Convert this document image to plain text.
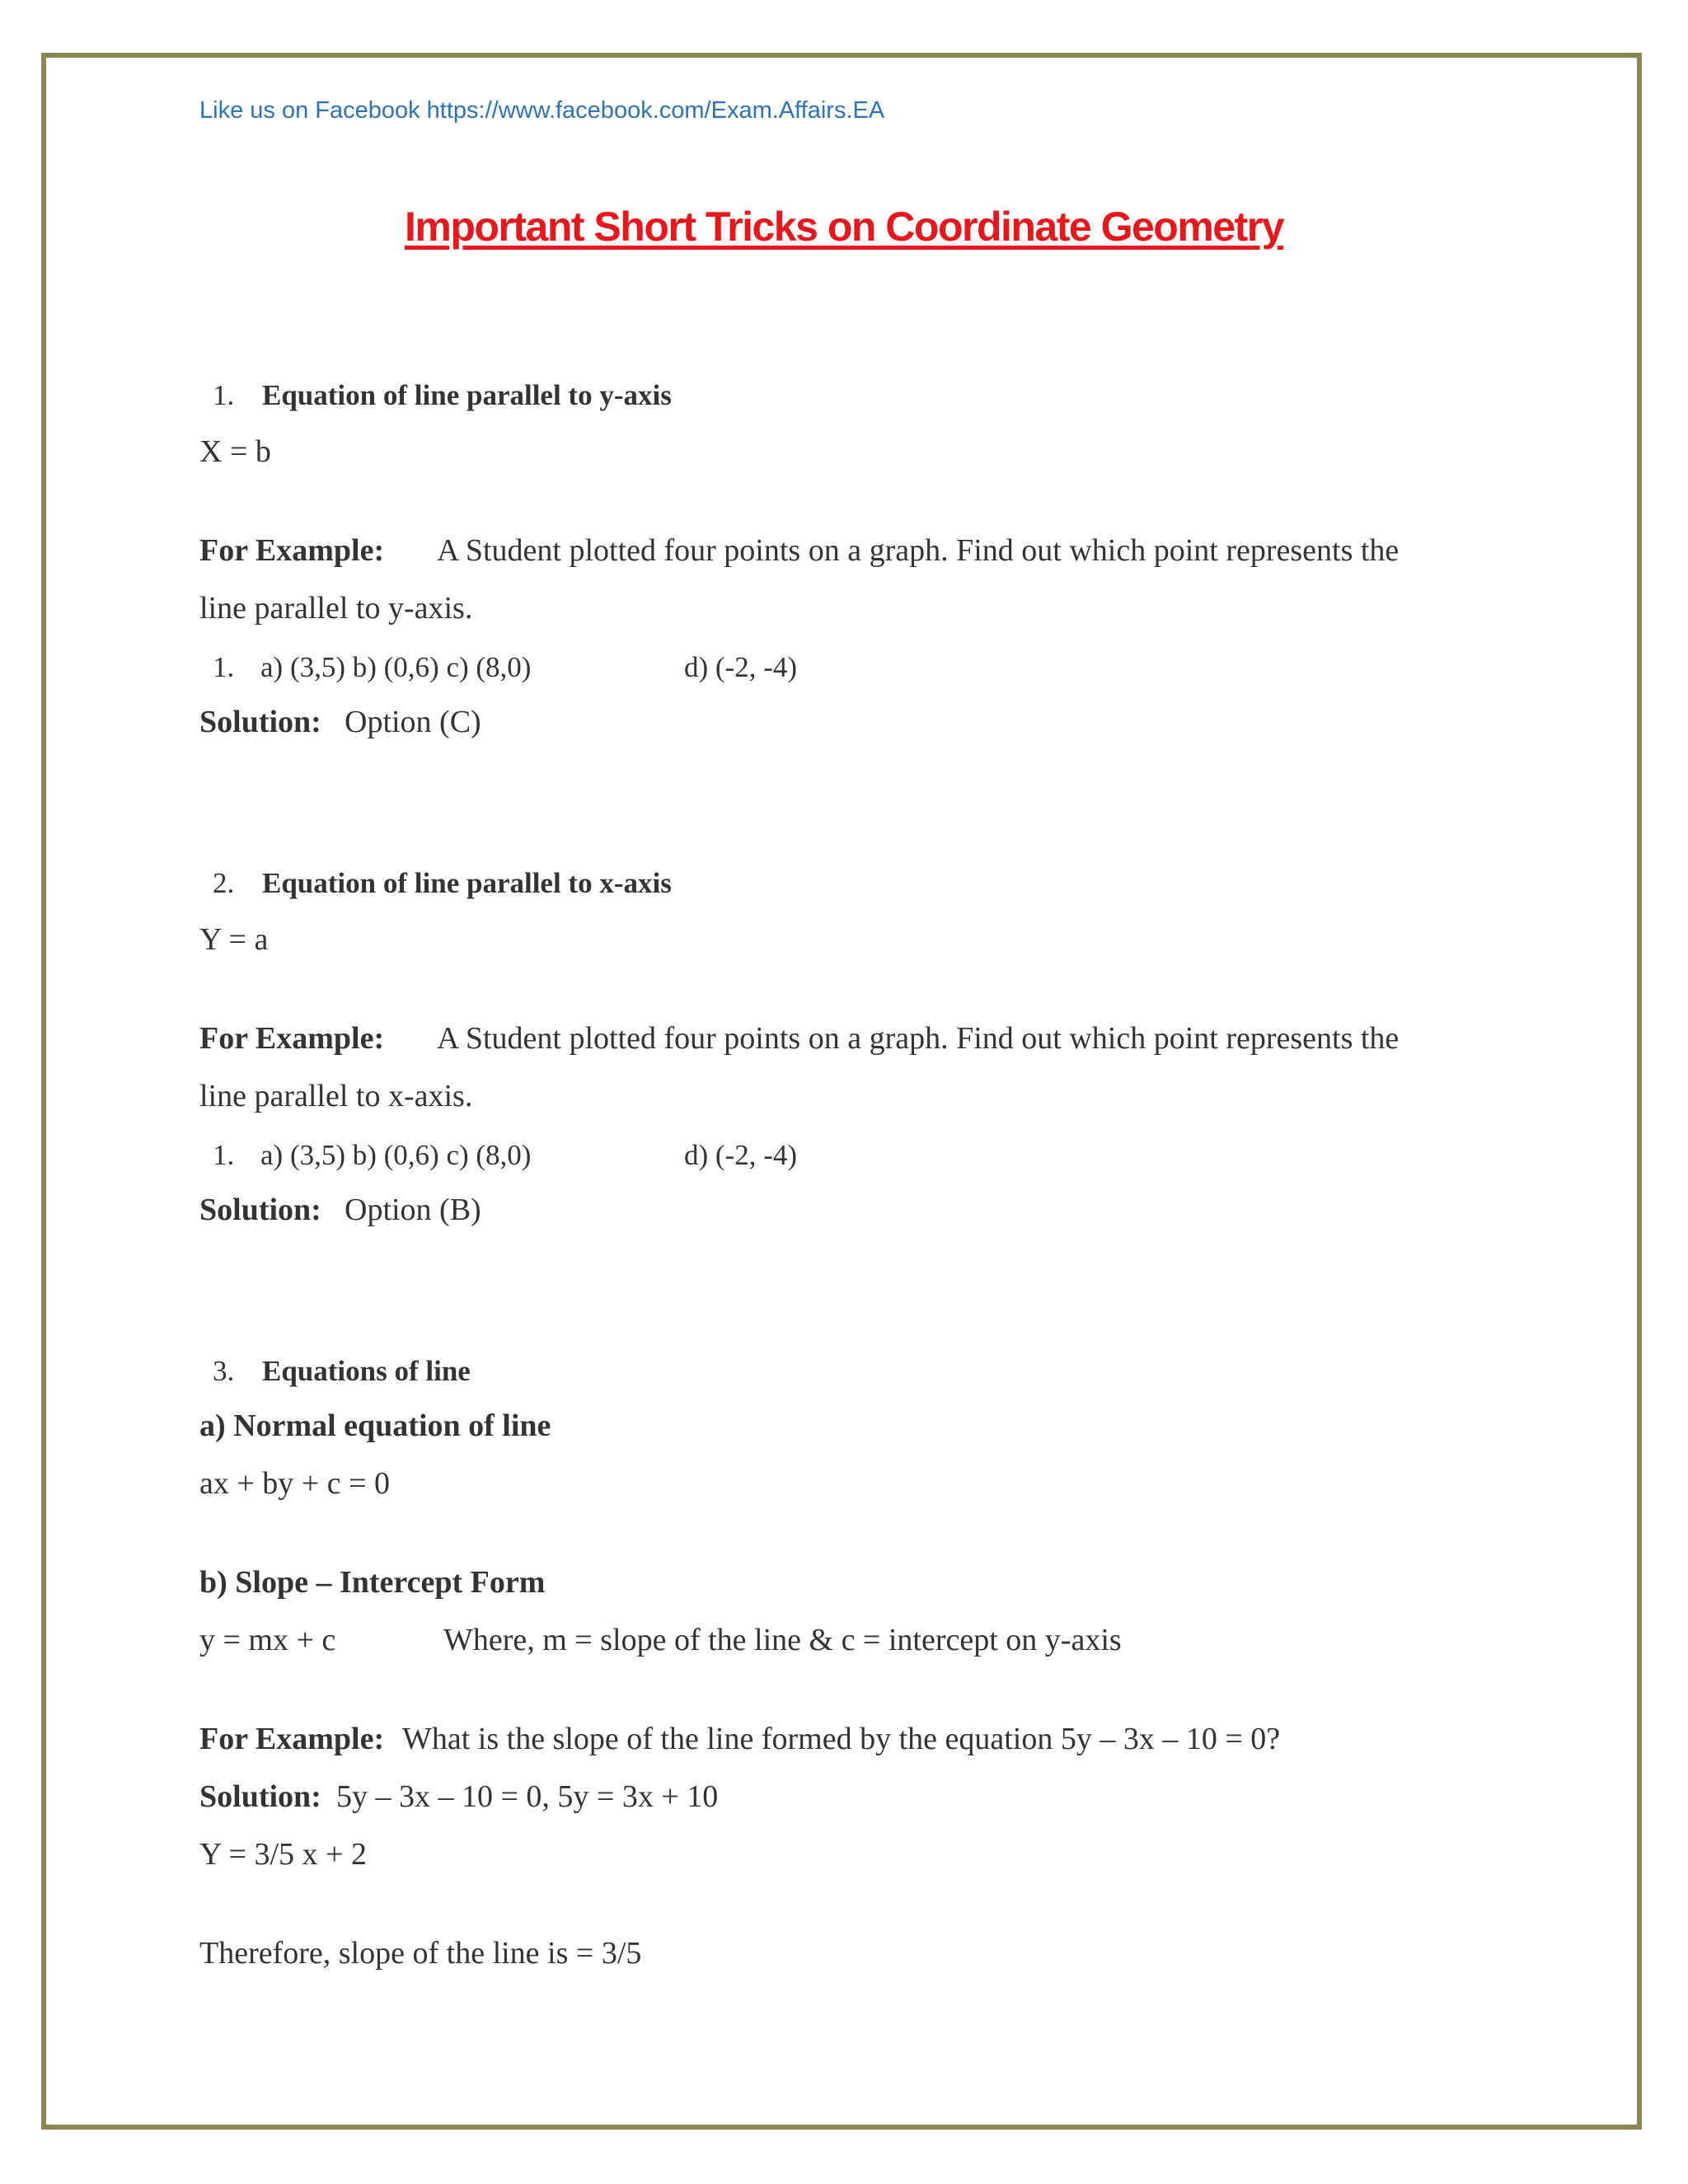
Like us on Facebook https://www.facebook.com/Exam.Affairs.EA
Important Short Tricks on Coordinate Geometry
1. Equation of line parallel to y-axis
X = b
For Example: A Student plotted four points on a graph. Find out which point represents the
line parallel to y-axis.
1. a) (3,5) b) (0,6) c) (8,0)	d) (-2, -4)
Solution: Option (C)
2. Equation of line parallel to x-axis
Y = a
For Example: A Student plotted four points on a graph. Find out which point represents the
line parallel to x-axis.
1. a) (3,5) b) (0,6) c) (8,0)	d) (-2, -4)
Solution: Option (B)
3. Equations of line
a) Normal equation of line
ax + by + c = 0
b) Slope – Intercept Form
y = mx + c	Where, m = slope of the line & c = intercept on y-axis
For Example: What is the slope of the line formed by the equation 5y – 3x – 10 = 0?
Solution: 5y – 3x – 10 = 0, 5y = 3x + 10
Y = 3/5 x + 2
Therefore, slope of the line is = 3/5
